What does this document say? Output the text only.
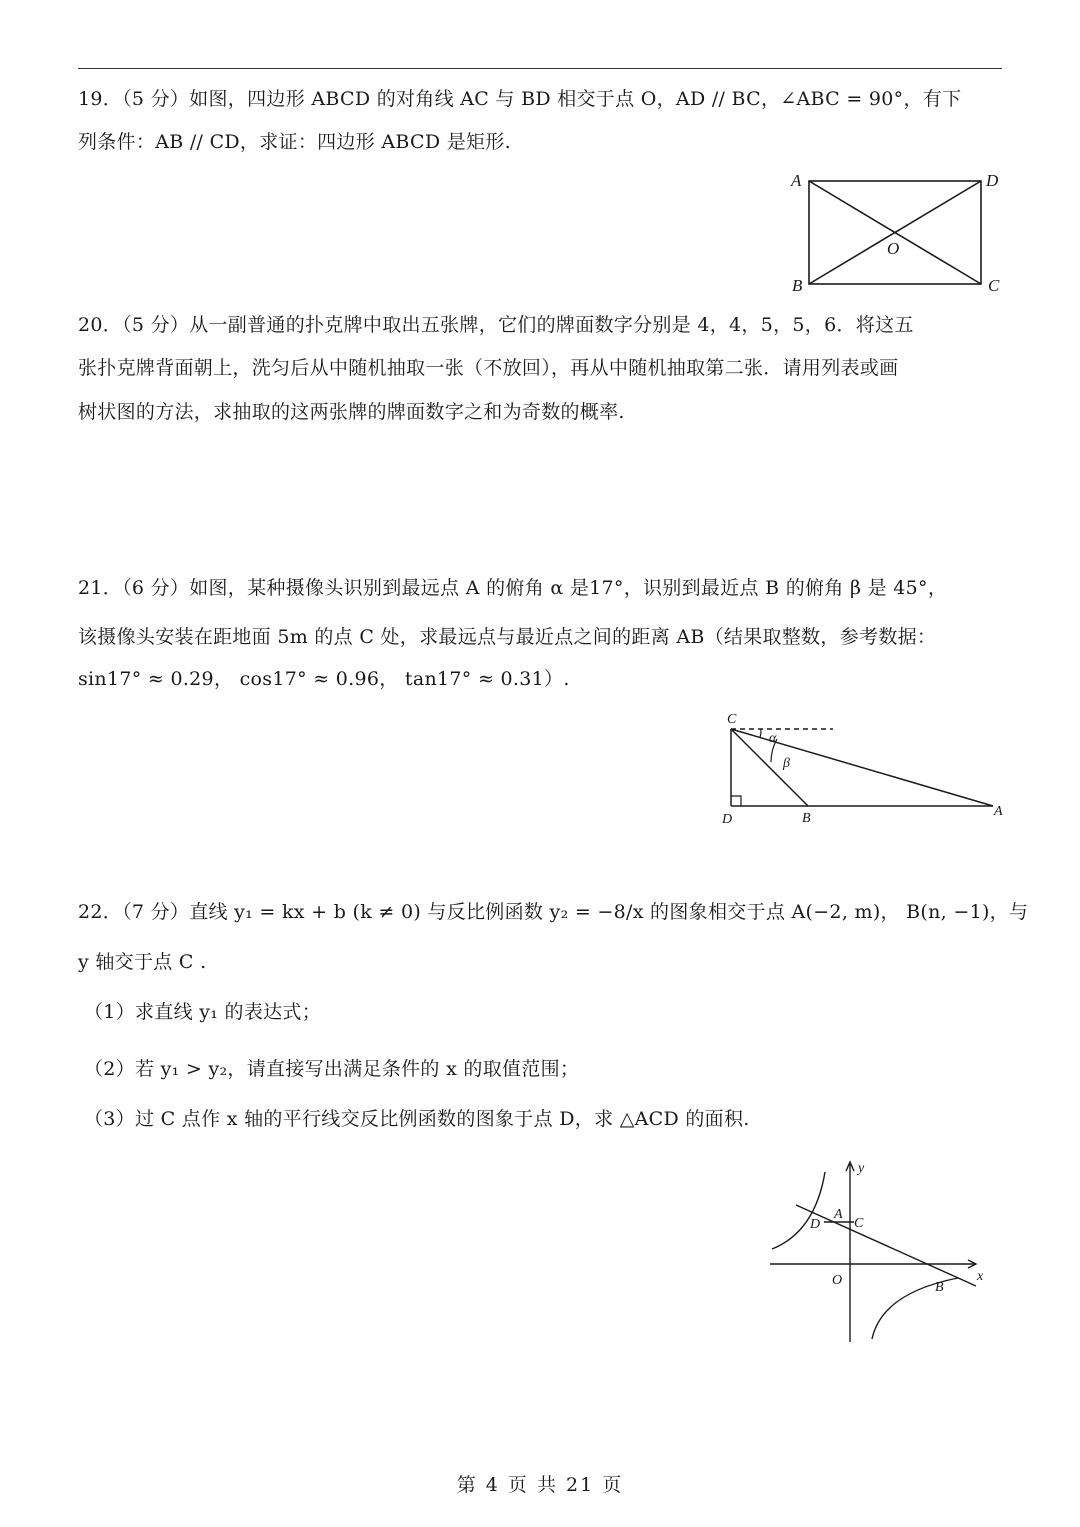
19．（5 分）如图，四边形 ABCD 的对角线 AC 与 BD 相交于点 O，AD // BC，∠ABC = 90°，有下
列条件：AB // CD，求证：四边形 ABCD 是矩形.
A	D
B	C
O
20．（5 分）从一副普通的扑克牌中取出五张牌，它们的牌面数字分别是 4，4，5，5，6．将这五
张扑克牌背面朝上，洗匀后从中随机抽取一张（不放回），再从中随机抽取第二张．请用列表或画
树状图的方法，求抽取的这两张牌的牌面数字之和为奇数的概率.
21．（6 分）如图，某种摄像头识别到最远点 A 的俯角 α 是17°，识别到最近点 B 的俯角 β 是 45°，
该摄像头安装在距地面 5m 的点 C 处，求最远点与最近点之间的距离 AB（结果取整数，参考数据：
sin17° ≈ 0.29， cos17° ≈ 0.96， tan17° ≈ 0.31）.
C
D	B	A
α
β
22．（7 分）直线 y₁ = kx + b (k ≠ 0) 与反比例函数 y₂ = −8/x 的图象相交于点 A(−2, m)， B(n, −1)，与
y 轴交于点 C .
（1）求直线 y₁ 的表达式；
（2）若 y₁ > y₂，请直接写出满足条件的 x 的取值范围；
（3）过 C 点作 x 轴的平行线交反比例函数的图象于点 D，求 △ACD 的面积.
y
x
O
A
C
D
B
第 4 页 共 21 页
